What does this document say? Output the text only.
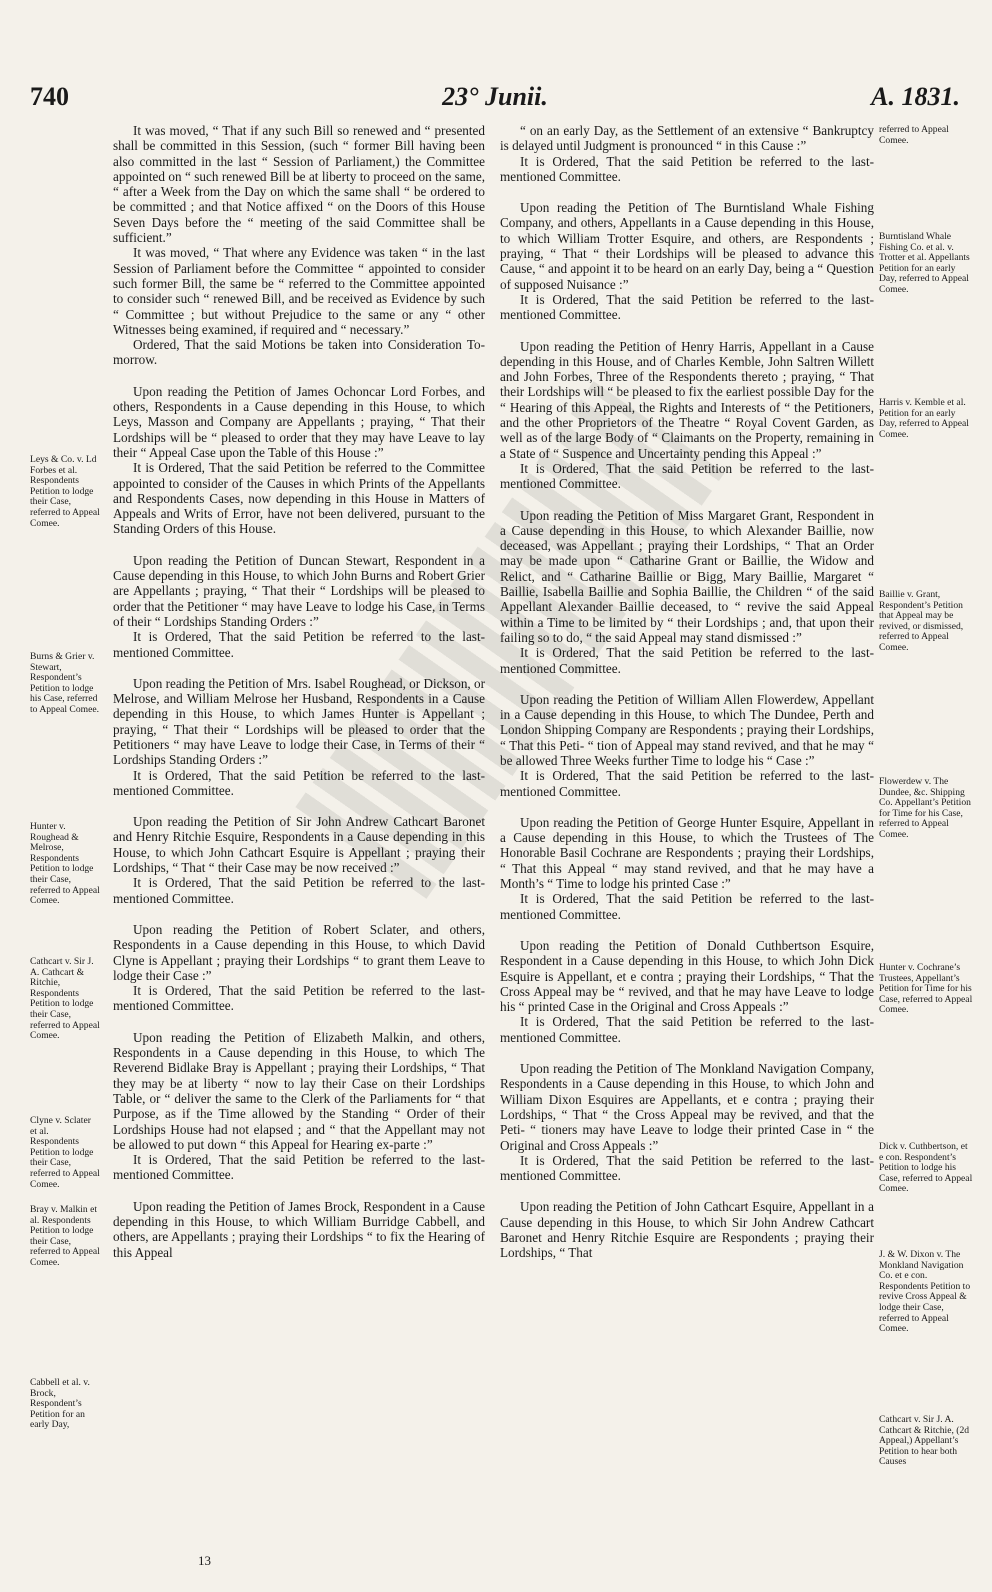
740	23° Junii.	A. 1831.

It was moved, “ That if any such Bill so renewed and “ presented shall be committed in this Session, (such “ former Bill having been also committed in the last “ Session of Parliament,) the Committee appointed on “ such renewed Bill be at liberty to proceed on the same, “ after a Week from the Day on which the same shall “ be ordered to be committed ; and that Notice affixed “ on the Doors of this House Seven Days before the “ meeting of the said Committee shall be sufficient.”

It was moved, “ That where any Evidence was taken “ in the last Session of Parliament before the Committee “ appointed to consider such former Bill, the same be “ referred to the Committee appointed to consider such “ renewed Bill, and be received as Evidence by such “ Committee ; but without Prejudice to the same or any “ other Witnesses being examined, if required and “ necessary.”

Ordered, That the said Motions be taken into Consideration To-morrow.

Upon reading the Petition of James Ochoncar Lord Forbes, and others, Respondents in a Cause depending in this House, to which Leys, Masson and Company are Appellants ; praying, “ That their Lordships will be “ pleased to order that they may have Leave to lay their “ Appeal Case upon the Table of this House :”

It is Ordered, That the said Petition be referred to the Committee appointed to consider of the Causes in which Prints of the Appellants and Respondents Cases, now depending in this House in Matters of Appeals and Writs of Error, have not been delivered, pursuant to the Standing Orders of this House.

Upon reading the Petition of Duncan Stewart, Respondent in a Cause depending in this House, to which John Burns and Robert Grier are Appellants ; praying, “ That their “ Lordships will be pleased to order that the Petitioner “ may have Leave to lodge his Case, in Terms of their “ Lordships Standing Orders :”

It is Ordered, That the said Petition be referred to the last-mentioned Committee.

Upon reading the Petition of Mrs. Isabel Roughead, or Dickson, or Melrose, and William Melrose her Husband, Respondents in a Cause depending in this House, to which James Hunter is Appellant ; praying, “ That their “ Lordships will be pleased to order that the Petitioners “ may have Leave to lodge their Case, in Terms of their “ Lordships Standing Orders :”

It is Ordered, That the said Petition be referred to the last-mentioned Committee.

Upon reading the Petition of Sir John Andrew Cathcart Baronet and Henry Ritchie Esquire, Respondents in a Cause depending in this House, to which John Cathcart Esquire is Appellant ; praying their Lordships, “ That “ their Case may be now received :”

It is Ordered, That the said Petition be referred to the last-mentioned Committee.

Upon reading the Petition of Robert Sclater, and others, Respondents in a Cause depending in this House, to which David Clyne is Appellant ; praying their Lordships “ to grant them Leave to lodge their Case :”

It is Ordered, That the said Petition be referred to the last-mentioned Committee.

Upon reading the Petition of Elizabeth Malkin, and others, Respondents in a Cause depending in this House, to which The Reverend Bidlake Bray is Appellant ; praying their Lordships, “ That they may be at liberty “ now to lay their Case on their Lordships Table, or “ deliver the same to the Clerk of the Parliaments for “ that Purpose, as if the Time allowed by the Standing “ Order of their Lordships House had not elapsed ; and “ that the Appellant may not be allowed to put down “ this Appeal for Hearing ex-parte :”

It is Ordered, That the said Petition be referred to the last-mentioned Committee.

Upon reading the Petition of James Brock, Respondent in a Cause depending in this House, to which William Burridge Cabbell, and others, are Appellants ; praying their Lordships “ to fix the Hearing of this Appeal

“ on an early Day, as the Settlement of an extensive “ Bankruptcy is delayed until Judgment is pronounced “ in this Cause :”

It is Ordered, That the said Petition be referred to the last-mentioned Committee.

Upon reading the Petition of The Burntisland Whale Fishing Company, and others, Appellants in a Cause depending in this House, to which William Trotter Esquire, and others, are Respondents ; praying, “ That “ their Lordships will be pleased to advance this Cause, “ and appoint it to be heard on an early Day, being a “ Question of supposed Nuisance :”

It is Ordered, That the said Petition be referred to the last-mentioned Committee.

Upon reading the Petition of Henry Harris, Appellant in a Cause depending in this House, and of Charles Kemble, John Saltren Willett and John Forbes, Three of the Respondents thereto ; praying, “ That their Lordships will “ be pleased to fix the earliest possible Day for the “ Hearing of this Appeal, the Rights and Interests of “ the Petitioners, and the other Proprietors of the Theatre “ Royal Covent Garden, as well as of the large Body of “ Claimants on the Property, remaining in a State of “ Suspence and Uncertainty pending this Appeal :”

It is Ordered, That the said Petition be referred to the last-mentioned Committee.

Upon reading the Petition of Miss Margaret Grant, Respondent in a Cause depending in this House, to which Alexander Baillie, now deceased, was Appellant ; praying their Lordships, “ That an Order may be made upon “ Catharine Grant or Baillie, the Widow and Relict, and “ Catharine Baillie or Bigg, Mary Baillie, Margaret “ Baillie, Isabella Baillie and Sophia Baillie, the Children “ of the said Appellant Alexander Baillie deceased, to “ revive the said Appeal within a Time to be limited by “ their Lordships ; and, that upon their failing so to do, “ the said Appeal may stand dismissed :”

It is Ordered, That the said Petition be referred to the last-mentioned Committee.

Upon reading the Petition of William Allen Flowerdew, Appellant in a Cause depending in this House, to which The Dundee, Perth and London Shipping Company are Respondents ; praying their Lordships, “ That this Peti- “ tion of Appeal may stand revived, and that he may “ be allowed Three Weeks further Time to lodge his “ Case :”

It is Ordered, That the said Petition be referred to the last-mentioned Committee.

Upon reading the Petition of George Hunter Esquire, Appellant in a Cause depending in this House, to which the Trustees of The Honorable Basil Cochrane are Respondents ; praying their Lordships, “ That this Appeal “ may stand revived, and that he may have a Month’s “ Time to lodge his printed Case :”

It is Ordered, That the said Petition be referred to the last-mentioned Committee.

Upon reading the Petition of Donald Cuthbertson Esquire, Respondent in a Cause depending in this House, to which John Dick Esquire is Appellant, et e contra ; praying their Lordships, “ That the Cross Appeal may be “ revived, and that he may have Leave to lodge his “ printed Case in the Original and Cross Appeals :”

It is Ordered, That the said Petition be referred to the last-mentioned Committee.

Upon reading the Petition of The Monkland Navigation Company, Respondents in a Cause depending in this House, to which John and William Dixon Esquires are Appellants, et e contra ; praying their Lordships, “ That “ the Cross Appeal may be revived, and that the Peti- “ tioners may have Leave to lodge their printed Case in “ the Original and Cross Appeals :”

It is Ordered, That the said Petition be referred to the last-mentioned Committee.

Upon reading the Petition of John Cathcart Esquire, Appellant in a Cause depending in this House, to which Sir John Andrew Cathcart Baronet and Henry Ritchie Esquire are Respondents ; praying their Lordships, “ That

13
Leys & Co. v. Ld Forbes et al. Respondents Petition to lodge their Case, referred to Appeal Comee.
Burns & Grier v. Stewart, Respondent’s Petition to lodge his Case, referred to Appeal Comee.
Hunter v. Roughead & Melrose, Respondents Petition to lodge their Case, referred to Appeal Comee.
Cathcart v. Sir J. A. Cathcart & Ritchie, Respondents Petition to lodge their Case, referred to Appeal Comee.
Clyne v. Sclater et al. Respondents Petition to lodge their Case, referred to Appeal Comee.
Bray v. Malkin et al. Respondents Petition to lodge their Case, referred to Appeal Comee.
Cabbell et al. v. Brock, Respondent’s Petition for an early Day,
referred to Appeal Comee.
Burntisland Whale Fishing Co. et al. v. Trotter et al. Appellants Petition for an early Day, referred to Appeal Comee.
Harris v. Kemble et al. Petition for an early Day, referred to Appeal Comee.
Baillie v. Grant, Respondent’s Petition that Appeal may be revived, or dismissed, referred to Appeal Comee.
Flowerdew v. The Dundee, &c. Shipping Co. Appellant’s Petition for Time for his Case, referred to Appeal Comee.
Hunter v. Cochrane’s Trustees, Appellant’s Petition for Time for his Case, referred to Appeal Comee.
Dick v. Cuthbertson, et e con. Respondent’s Petition to lodge his Case, referred to Appeal Comee.
J. & W. Dixon v. The Monkland Navigation Co. et e con. Respondents Petition to revive Cross Appeal & lodge their Case, referred to Appeal Comee.
Cathcart v. Sir J. A. Cathcart & Ritchie, (2d Appeal,) Appellant’s Petition to hear both Causes
